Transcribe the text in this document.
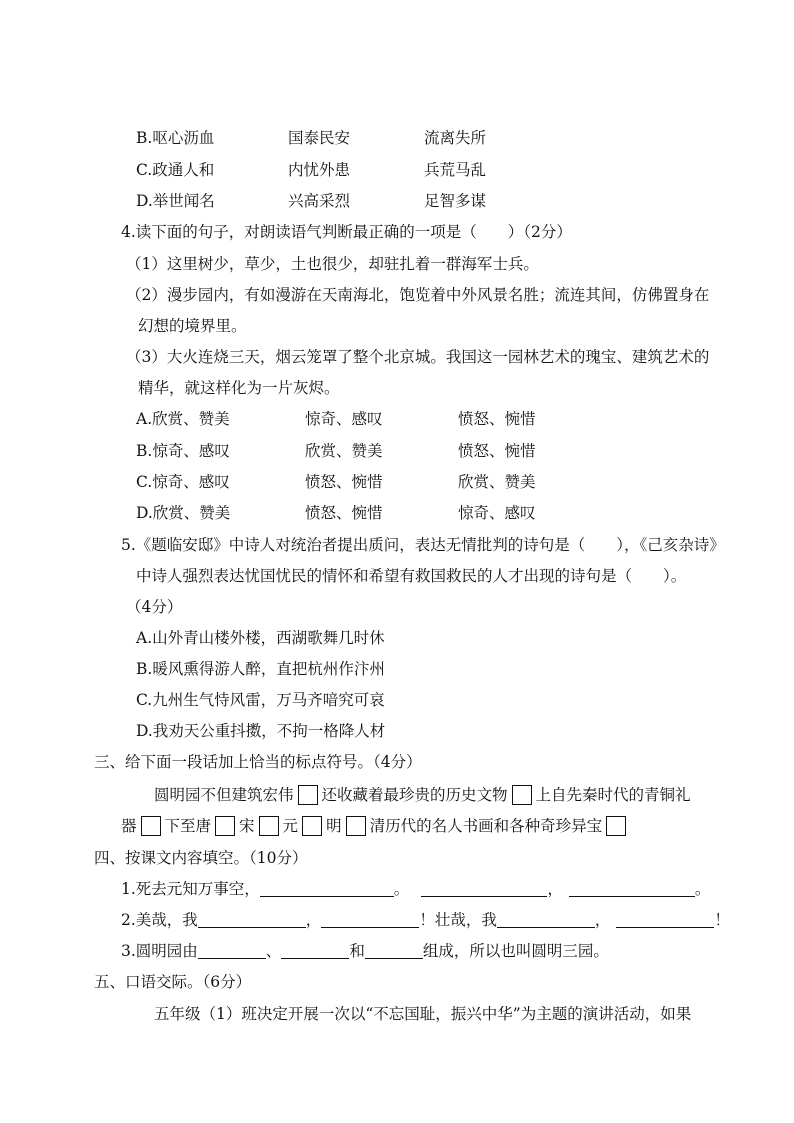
B.呕心沥血	国泰民安	流离失所
C.政通人和	内忧外患	兵荒马乱
D.举世闻名	兴高采烈	足智多谋
4.读下面的句子，对朗读语气判断最正确的一项是（　　）（2分）
（1）这里树少，草少，土也很少，却驻扎着一群海军士兵。
（2）漫步园内，有如漫游在天南海北，饱览着中外风景名胜；流连其间，仿佛置身在
幻想的境界里。
（3）大火连烧三天，烟云笼罩了整个北京城。我国这一园林艺术的瑰宝、建筑艺术的
精华，就这样化为一片灰烬。
A.欣赏、赞美	惊奇、感叹	愤怒、惋惜
B.惊奇、感叹	欣赏、赞美	愤怒、惋惜
C.惊奇、感叹	愤怒、惋惜	欣赏、赞美
D.欣赏、赞美	愤怒、惋惜	惊奇、感叹
5.《题临安邸》中诗人对统治者提出质问，表达无情批判的诗句是（　　），《己亥杂诗》
中诗人强烈表达忧国忧民的情怀和希望有救国救民的人才出现的诗句是（　　）。
（4分）
A.山外青山楼外楼，西湖歌舞几时休
B.暖风熏得游人醉，直把杭州作汴州
C.九州生气恃风雷，万马齐喑究可哀
D.我劝天公重抖擞，不拘一格降人材
三、给下面一段话加上恰当的标点符号。（4分）
圆明园不但建筑宏伟 还收藏着最珍贵的历史文物 上自先秦时代的青铜礼
器 下至唐 宋 元 明 清历代的名人书画和各种奇珍异宝
四、按课文内容填空。（10分）
1.死去元知万事空，	。	，	。
2.美哉，我	，	！壮哉，我	，	！
3.圆明园由	、	和	组成，所以也叫圆明三园。
五、口语交际。（6分）
五年级（1）班决定开展一次以“不忘国耻，振兴中华”为主题的演讲活动，如果
